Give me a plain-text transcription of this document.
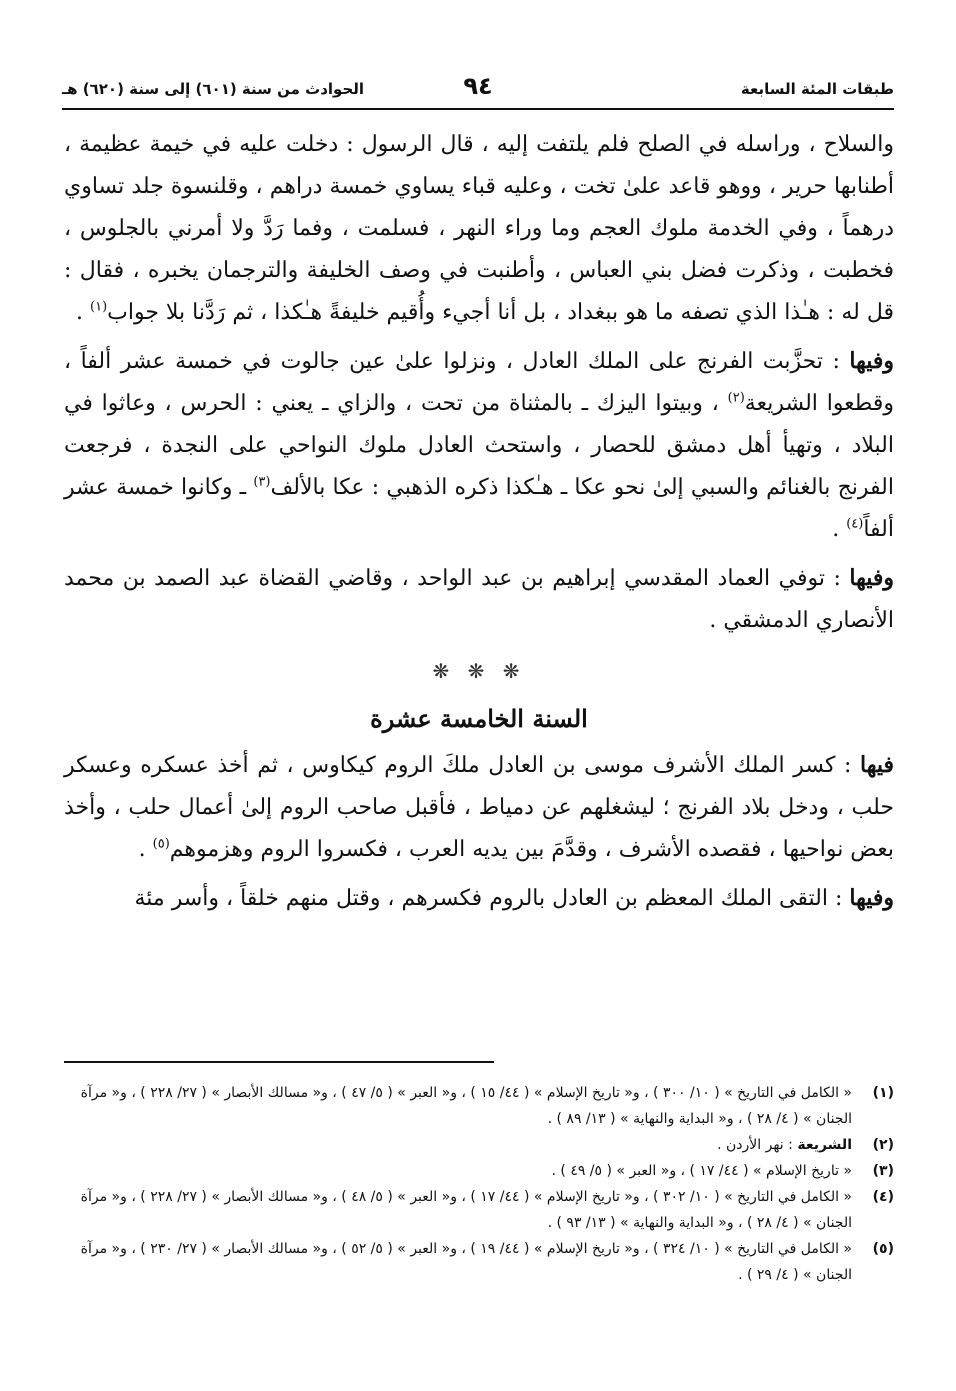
طبقات المئة السابعة
٩٤
الحوادث من سنة (٦٠١) إلى سنة (٦٢٠) هـ

والسلاح ، وراسله في الصلح فلم يلتفت إليه ، قال الرسول : دخلت عليه في خيمة عظيمة ، أطنابها حرير ، ووهو قاعد علىٰ تخت ، وعليه قباء يساوي خمسة دراهم ، وقلنسوة جلد تساوي درهماً ، وفي الخدمة ملوك العجم وما وراء النهر ، فسلمت ، وفما رَدَّ ولا أمرني بالجلوس ، فخطبت ، وذكرت فضل بني العباس ، وأطنبت في وصف الخليفة والترجمان يخبره ، فقال : قل له : هـٰذا الذي تصفه ما هو ببغداد ، بل أنا أجيء وأُقيم خليفةً هـٰكذا ، ثم رَدَّنا بلا جواب$^{(١)}$ .

وفيها : تحزَّبت الفرنج على الملك العادل ، ونزلوا علىٰ عين جالوت في خمسة عشر ألفاً ، وقطعوا الشريعة$^{(٢)}$ ، وبيتوا اليزك ـ بالمثناة من تحت ، والزاي ـ يعني : الحرس ، وعاثوا في البلاد ، وتهيأ أهل دمشق للحصار ، واستحث العادل ملوك النواحي على النجدة ، فرجعت الفرنج بالغنائم والسبي إلىٰ نحو عكا ـ هـٰكذا ذكره الذهبي : عكا بالألف$^{(٣)}$ ـ وكانوا خمسة عشر ألفاً$^{(٤)}$ .

وفيها : توفي العماد المقدسي إبراهيم بن عبد الواحد ، وقاضي القضاة عبد الصمد بن محمد الأنصاري الدمشقي .

❋ ❋ ❋
السنة الخامسة عشرة

فيها : كسر الملك الأشرف موسى بن العادل ملكَ الروم كيكاوس ، ثم أخذ عسكره وعسكر حلب ، ودخل بلاد الفرنج ؛ ليشغلهم عن دمياط ، فأقبل صاحب الروم إلىٰ أعمال حلب ، وأخذ بعض نواحيها ، فقصده الأشرف ، وقدَّمَ بين يديه العرب ، فكسروا الروم وهزموهم$^{(٥)}$ .

وفيها : التقى الملك المعظم بن العادل بالروم فكسرهم ، وقتل منهم خلقاً ، وأسر مئة

(١)
« الكامل في التاريخ » ( ١٠/ ٣٠٠ ) ، و« تاريخ الإسلام » ( ٤٤/ ١٥ ) ، و« العبر » ( ٥/ ٤٧ ) ، و« مسالك الأبصار » ( ٢٧/ ٢٢٨ ) ، و« مرآة الجنان » ( ٤/ ٢٨ ) ، و« البداية والنهاية » ( ١٣/ ٨٩ ) .
(٢)
الشريعة : نهر الأردن .
(٣)
« تاريخ الإسلام » ( ٤٤/ ١٧ ) ، و« العبر » ( ٥/ ٤٩ ) .
(٤)
« الكامل في التاريخ » ( ١٠/ ٣٠٢ ) ، و« تاريخ الإسلام » ( ٤٤/ ١٧ ) ، و« العبر » ( ٥/ ٤٨ ) ، و« مسالك الأبصار » ( ٢٧/ ٢٢٨ ) ، و« مرآة الجنان » ( ٤/ ٢٨ ) ، و« البداية والنهاية » ( ١٣/ ٩٣ ) .
(٥)
« الكامل في التاريخ » ( ١٠/ ٣٢٤ ) ، و« تاريخ الإسلام » ( ٤٤/ ١٩ ) ، و« العبر » ( ٥/ ٥٢ ) ، و« مسالك الأبصار » ( ٢٧/ ٢٣٠ ) ، و« مرآة الجنان » ( ٤/ ٢٩ ) .
